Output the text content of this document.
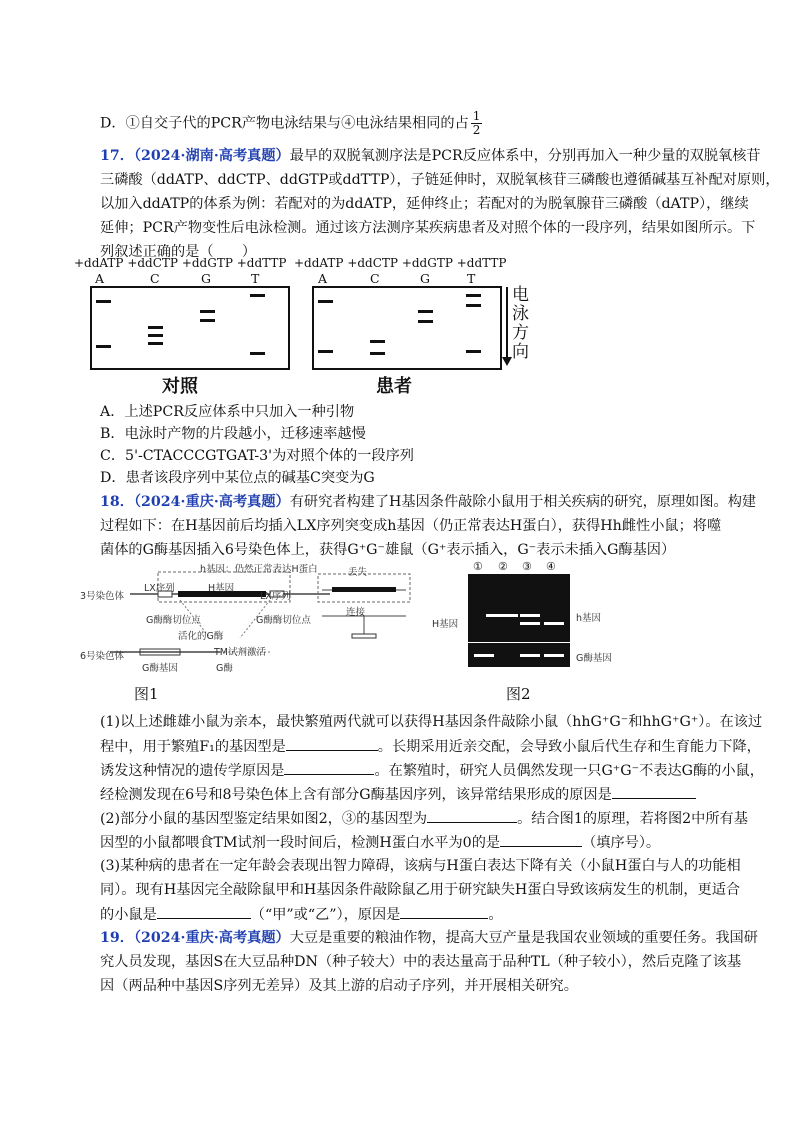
D．①自交子代的PCR产物电泳结果与④电泳结果相同的占 $\frac{1}{2}$
17．（2024·湖南·高考真题）最早的双脱氧测序法是PCR反应体系中，分别再加入一种少量的双脱氧核苷
三磷酸（ddATP、ddCTP、ddGTP或ddTTP），子链延伸时，双脱氧核苷三磷酸也遵循碱基互补配对原则，
以加入ddATP的体系为例：若配对的为ddATP，延伸终止；若配对的为脱氧腺苷三磷酸（dATP），继续
延伸；PCR产物变性后电泳检测。通过该方法测序某疾病患者及对照个体的一段序列，结果如图所示。下
列叙述正确的是（　　）
+ddATP +ddCTP +ddGTP +ddTTP +ddATP +ddCTP +ddGTP +ddTTP
A	C	G	T	A	C	G	T
对照	患者
电
泳
方
向
A．上述PCR反应体系中只加入一种引物
B．电泳时产物的片段越小，迁移速率越慢
C．5'-CTACCCGTGAT-3'为对照个体的一段序列
D．患者该段序列中某位点的碱基C突变为G
18．（2024·重庆·高考真题）有研究者构建了H基因条件敲除小鼠用于相关疾病的研究，原理如图。构建
过程如下：在H基因前后均插入LX序列突变成h基因（仍正常表达H蛋白），获得Hh雌性小鼠；将噬
菌体的G酶基因插入6号染色体上，获得G⁺G⁻雄鼠（G⁺表示插入，G⁻表示未插入G酶基因）
h基因：仍然正常表达H蛋白
3号染色体
LX序列	H基因
LX序列
G酶酶切位点	G酶酶切位点
丢失
连接
活化的G酶
TM试剂激活
6号染色体
G酶基因	G酶
图1
① ② ③ ④
H基因
h基因
G酶基因
图2
(1)以上述雌雄小鼠为亲本，最快繁殖两代就可以获得H基因条件敲除小鼠（hhG⁺G⁻和hhG⁺G⁺）。在该过
程中，用于繁殖F₁的基因型是	。长期采用近亲交配，会导致小鼠后代生存和生育能力下降，
诱发这种情况的遗传学原因是	。在繁殖时，研究人员偶然发现一只G⁺G⁻不表达G酶的小鼠，
经检测发现在6号和8号染色体上含有部分G酶基因序列，该异常结果形成的原因是
(2)部分小鼠的基因型鉴定结果如图2，③的基因型为	。结合图1的原理，若将图2中所有基
因型的小鼠都喂食TM试剂一段时间后，检测H蛋白水平为0的是	（填序号）。
(3)某种病的患者在一定年龄会表现出智力障碍，该病与H蛋白表达下降有关（小鼠H蛋白与人的功能相
同）。现有H基因完全敲除鼠甲和H基因条件敲除鼠乙用于研究缺失H蛋白导致该病发生的机制，更适合
的小鼠是	（“甲”或“乙”），原因是	。
19．（2024·重庆·高考真题）大豆是重要的粮油作物，提高大豆产量是我国农业领域的重要任务。我国研
究人员发现，基因S在大豆品种DN（种子较大）中的表达量高于品种TL（种子较小），然后克隆了该基
因（两品种中基因S序列无差异）及其上游的启动子序列，并开展相关研究。
